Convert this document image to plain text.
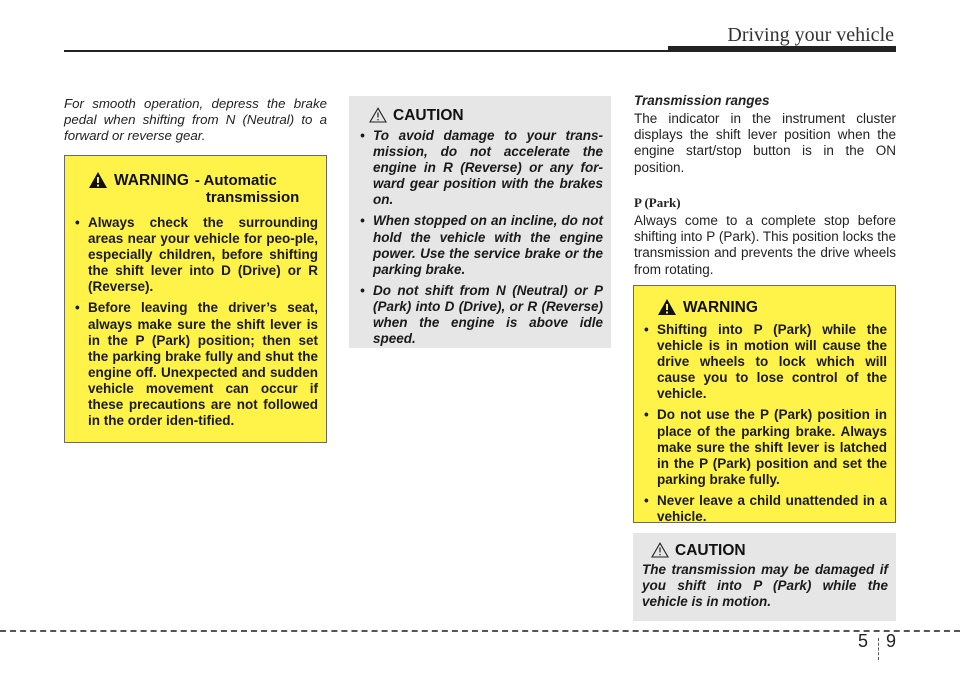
Driving your vehicle
For smooth operation, depress the brake pedal when shifting from N (Neutral) to a forward or reverse gear.
WARNING - Automatic
transmission
• Always check the surrounding areas near your vehicle for peo-ple, especially children, before shifting the shift lever into D (Drive) or R (Reverse).
• Before leaving the driver’s seat, always make sure the shift lever is in the P (Park) position; then set the parking brake fully and shut the engine off. Unexpected and sudden vehicle movement can occur if these precautions are not followed in the order iden-tified.
CAUTION
• To avoid damage to your trans-mission, do not accelerate the engine in R (Reverse) or any for-ward gear position with the brakes on.
• When stopped on an incline, do not hold the vehicle with the engine power. Use the service brake or the parking brake.
• Do not shift from N (Neutral) or P (Park) into D (Drive), or R (Reverse) when the engine is above idle speed.
Transmission ranges
The indicator in the instrument cluster displays the shift lever position when the engine start/stop button is in the ON position.
P (Park)
Always come to a complete stop before shifting into P (Park). This position locks the transmission and prevents the drive wheels from rotating.
WARNING
• Shifting into P (Park) while the vehicle is in motion will cause the drive wheels to lock which will cause you to lose control of the vehicle.
• Do not use the P (Park) position in place of the parking brake. Always make sure the shift lever is latched in the P (Park) position and set the parking brake fully.
• Never leave a child unattended in a vehicle.
CAUTION
The transmission may be damaged if you shift into P (Park) while the vehicle is in motion.
5 9
